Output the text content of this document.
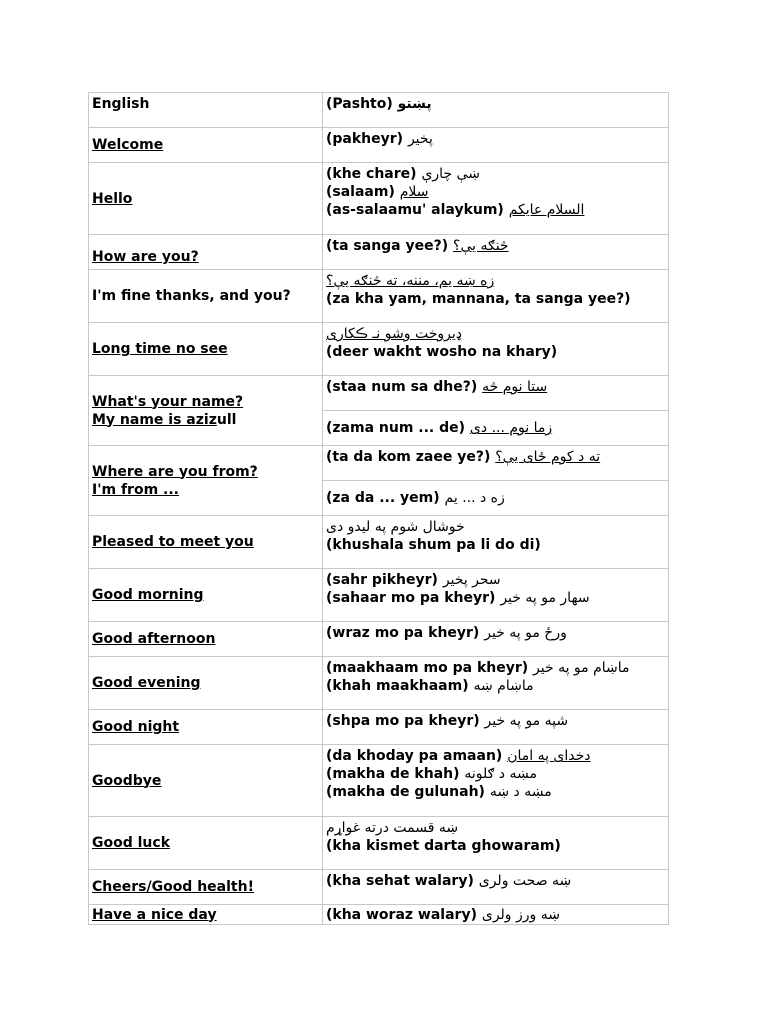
English	(Pashto) پښتو

Welcome	(pakheyr) پخير

Hello	(khe chare) ښې چارې
(salaam) سلام
(as-salaamu' alaykum) السلام عايكم

How are you?	(ta sanga yee?) څنګه يې؟

I'm fine thanks, and you?	زه ښه يم، مننه، ته څنګه يې؟
(za kha yam, mannana, ta sanga yee?)

Long time no see	ډيروخت وشو نـ ڪکارى
(deer wakht wosho na khary)

What's your name?
My name is azizull	(staa num sa dhe?) ستا نوم څه

	(zama num ... de) زما نوم ... دى

Where are you from?
I'm from ...	(ta da kom zaee ye?) ته د کوم ځاى يې؟

	(za da ... yem) زه د ... يم

Pleased to meet you	خوشال شوم په ليدو دى
(khushala shum pa li do di)

Good morning	(sahr pikheyr) سحر پخير
(sahaar mo pa kheyr) سهار مو په خير

Good afternoon	(wraz mo pa kheyr) ورځ مو په خير

Good evening	(maakhaam mo pa kheyr) ماښام مو په خير
(khah maakhaam) ماښام ښه

Good night	(shpa mo pa kheyr) شپه مو په خير

Goodbye	(da khoday pa amaan) دخداى په امان
(makha de khah) مښه د ګلونه
(makha de gulunah) مښه د ښه

Good luck	ښه قسمت درته غواړم
(kha kismet darta ghowaram)

Cheers/Good health!	(kha sehat walary) ښه صحت ولرى

Have a nice day	(kha woraz walary) ښه ورز ولرى
